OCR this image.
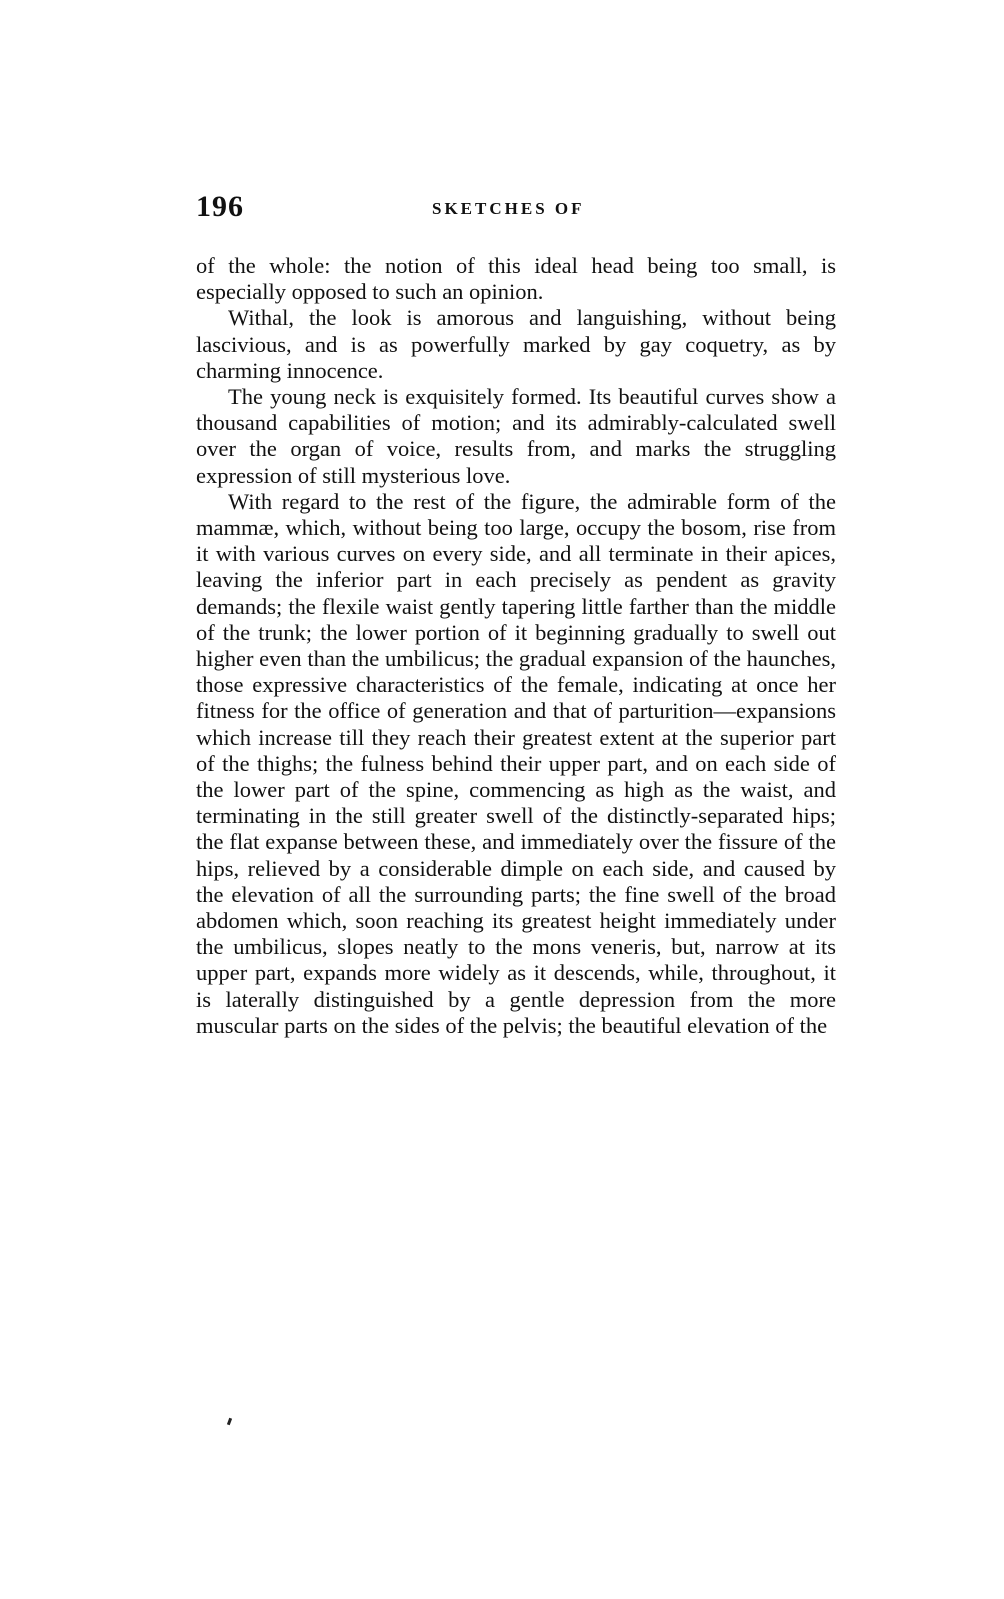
196	SKETCHES OF

of the whole: the notion of this ideal head being too small, is especially opposed to such an opinion.

Withal, the look is amorous and languishing, without being lascivious, and is as powerfully marked by gay coquetry, as by charming innocence.

The young neck is exquisitely formed. Its beautiful curves show a thousand capabilities of motion; and its admirably-calculated swell over the organ of voice, results from, and marks the struggling expression of still mysterious love.

With regard to the rest of the figure, the admirable form of the mammæ, which, without being too large, occupy the bosom, rise from it with various curves on every side, and all terminate in their apices, leaving the inferior part in each precisely as pendent as gravity demands; the flexile waist gently tapering little farther than the middle of the trunk; the lower portion of it beginning gradually to swell out higher even than the umbilicus; the gradual expansion of the haunches, those expressive characteristics of the female, indicating at once her fitness for the office of generation and that of parturition—expansions which increase till they reach their greatest extent at the superior part of the thighs; the fulness behind their upper part, and on each side of the lower part of the spine, commencing as high as the waist, and terminating in the still greater swell of the distinctly-separated hips; the flat expanse between these, and immediately over the fissure of the hips, relieved by a considerable dimple on each side, and caused by the elevation of all the surrounding parts; the fine swell of the broad abdomen which, soon reaching its greatest height immediately under the umbilicus, slopes neatly to the mons veneris, but, narrow at its upper part, expands more widely as it descends, while, throughout, it is laterally distinguished by a gentle depression from the more muscular parts on the sides of the pelvis; the beautiful elevation of the
